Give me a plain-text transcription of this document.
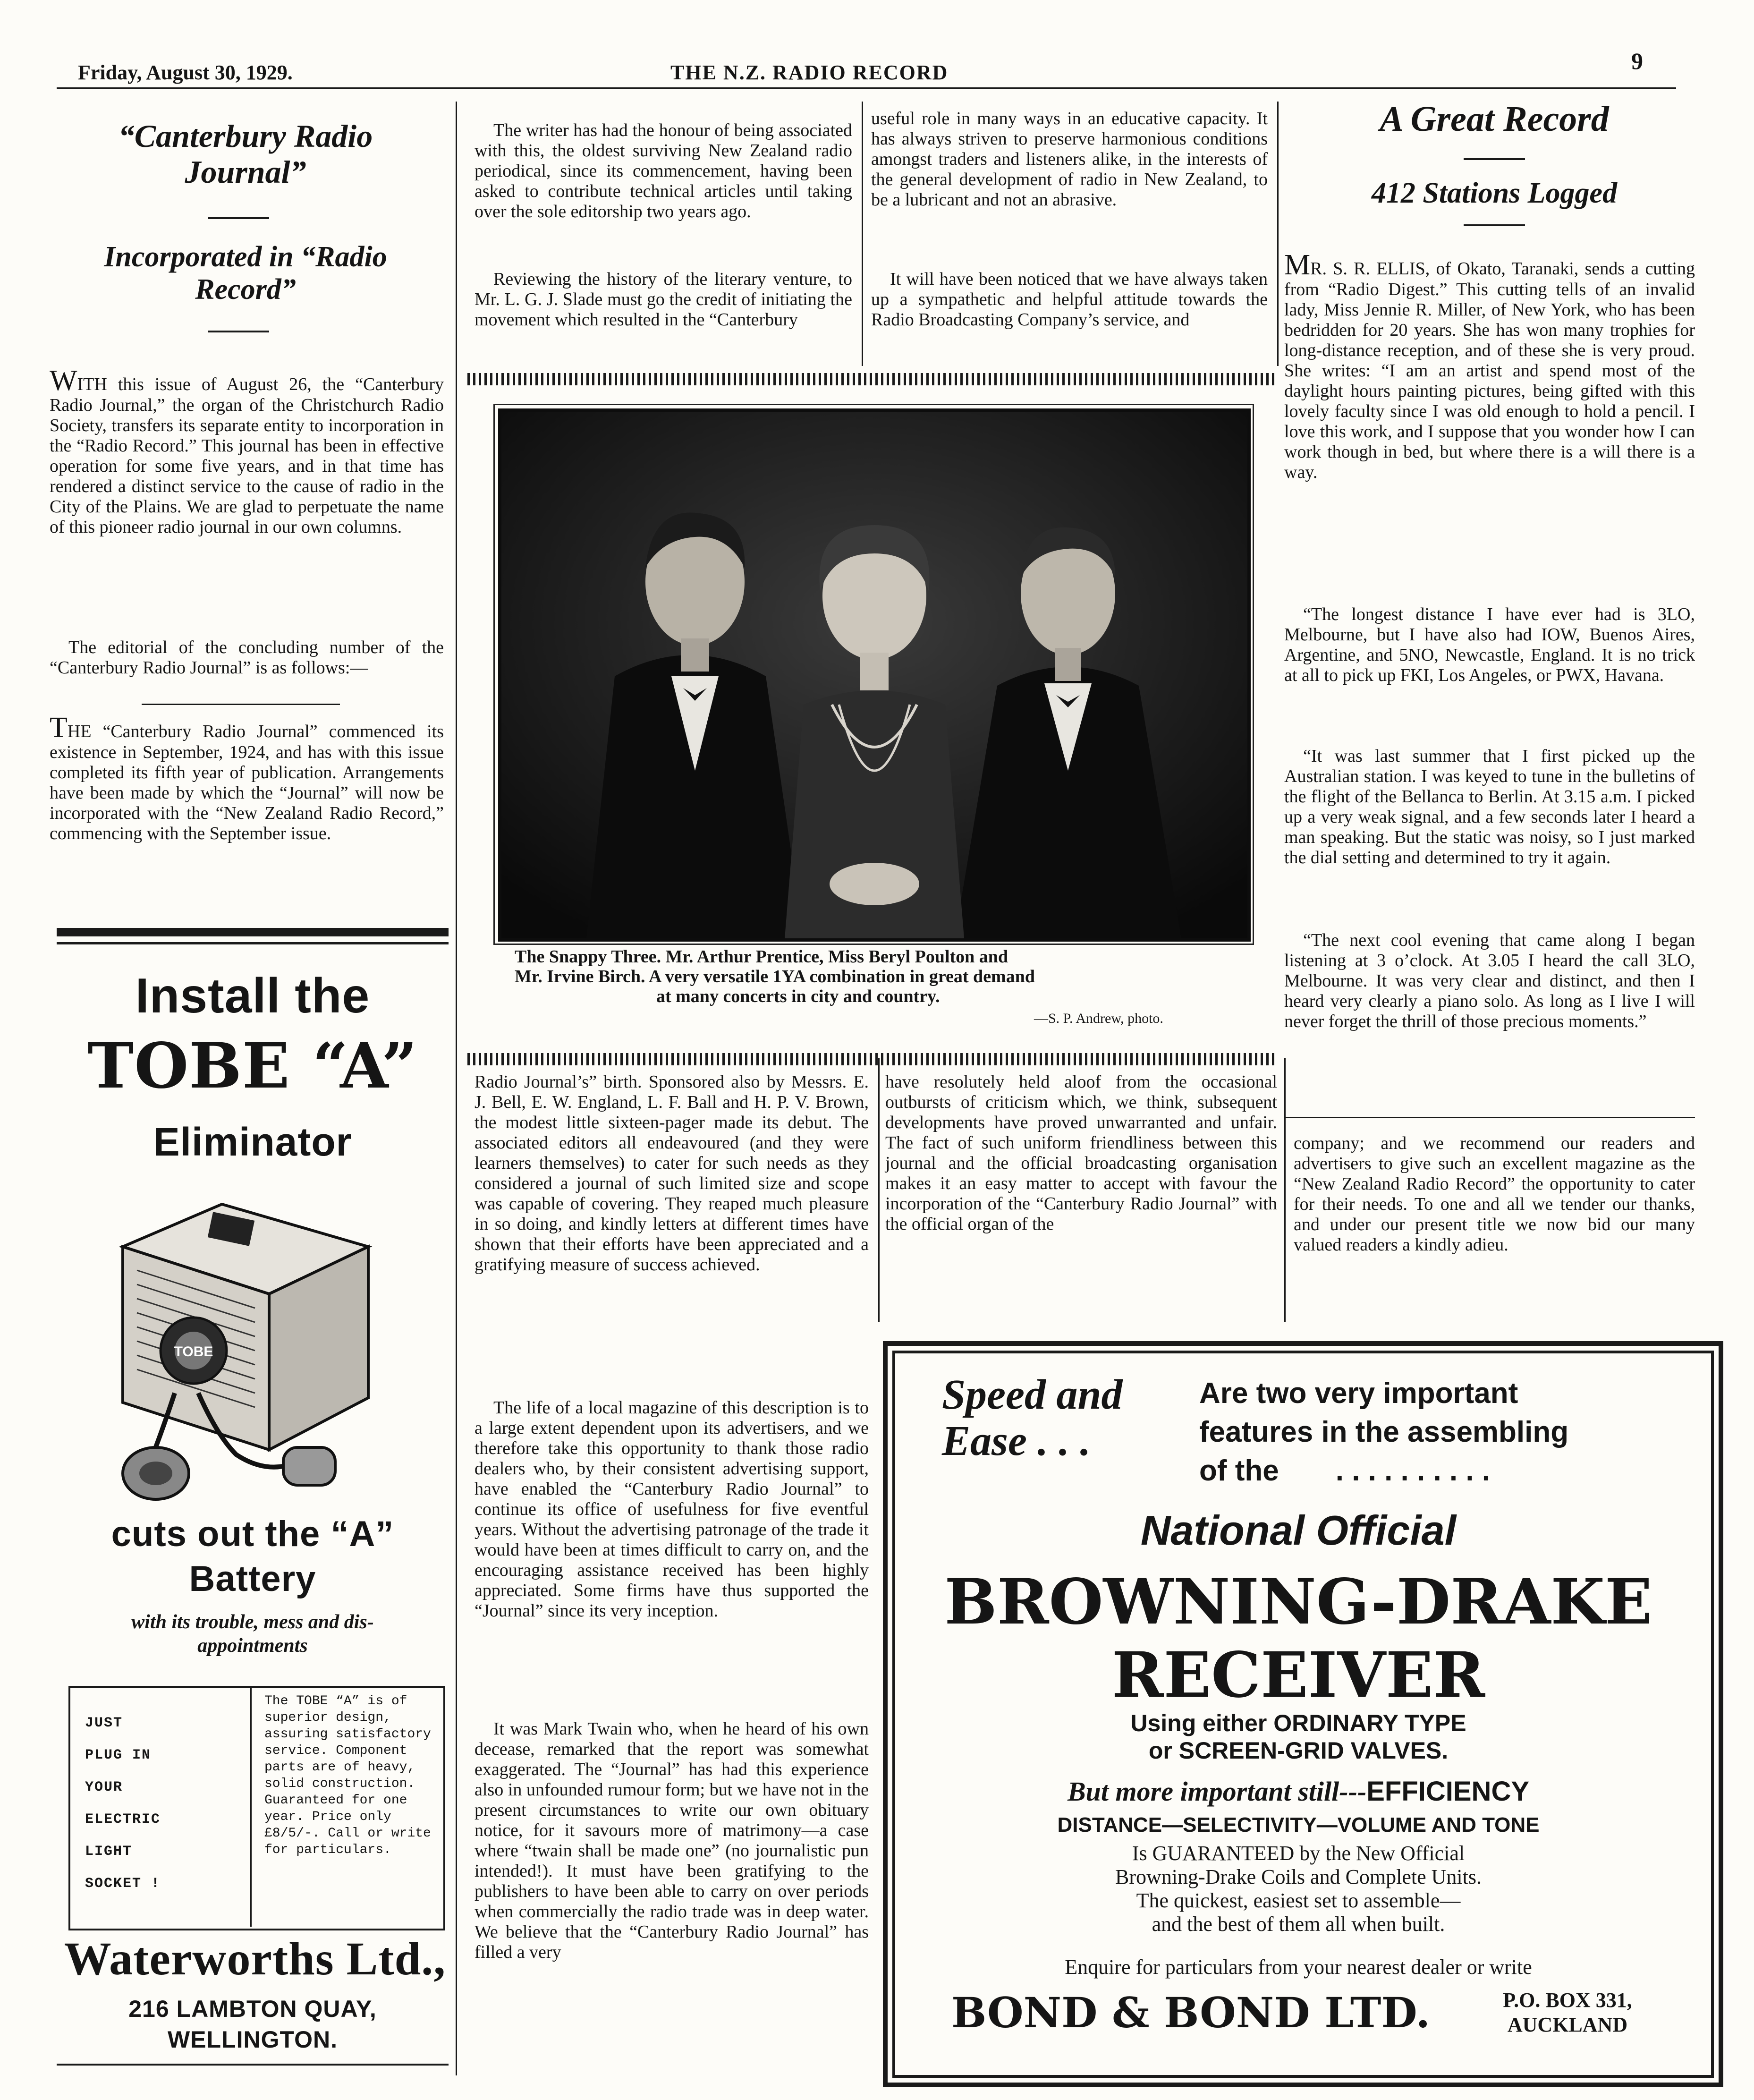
Friday, August 30, 1929.	THE N.Z. RADIO RECORD	9
“Canterbury Radio
Journal”
Incorporated in “Radio
Record”

WITH this issue of August 26, the “Canterbury Radio Journal,” the organ of the Christchurch Radio Society, transfers its separate entity to incorporation in the “Radio Record.” This journal has been in effective operation for some five years, and in that time has rendered a distinct service to the cause of radio in the City of the Plains. We are glad to perpetuate the name of this pioneer radio journal in our own columns.

The editorial of the concluding number of the “Canterbury Radio Journal” is as follows:—

THE “Canterbury Radio Journal” commenced its existence in September, 1924, and has with this issue completed its fifth year of publication. Arrangements have been made by which the “Journal” will now be incorporated with the “New Zealand Radio Record,” commencing with the September issue.

The writer has had the honour of being associated with this, the oldest surviving New Zealand radio periodical, since its commencement, having been asked to contribute technical articles until taking over the sole editorship two years ago.

Reviewing the history of the literary venture, to Mr. L. G. J. Slade must go the credit of initiating the movement which resulted in the “Canterbury

useful role in many ways in an educative capacity. It has always striven to preserve harmonious conditions amongst traders and listeners alike, in the interests of the general development of radio in New Zealand, to be a lubricant and not an abrasive.

It will have been noticed that we have always taken up a sympathetic and helpful attitude towards the Radio Broadcasting Company’s service, and

The Snappy Three. Mr. Arthur Prentice, Miss Beryl Poulton and
Mr. Irvine Birch. A very versatile 1YA combination in great demand
at many concerts in city and country.
—S. P. Andrew, photo.

Radio Journal’s” birth. Sponsored also by Messrs. E. J. Bell, E. W. England, L. F. Ball and H. P. V. Brown, the modest little sixteen-pager made its debut. The associated editors all endeavoured (and they were learners themselves) to cater for such needs as they considered a journal of such limited size and scope was capable of covering. They reaped much pleasure in so doing, and kindly letters at different times have shown that their efforts have been appreciated and a gratifying measure of success achieved.

The life of a local magazine of this description is to a large extent dependent upon its advertisers, and we therefore take this opportunity to thank those radio dealers who, by their consistent advertising support, have enabled the “Canterbury Radio Journal” to continue its office of usefulness for five eventful years. Without the advertising patronage of the trade it would have been at times difficult to carry on, and the encouraging assistance received has been highly appreciated. Some firms have thus supported the “Journal” since its very inception.

It was Mark Twain who, when he heard of his own decease, remarked that the report was somewhat exaggerated. The “Journal” has had this experience also in unfounded rumour form; but we have not in the present circumstances to write our own obituary notice, for it savours more of matrimony—a case where “twain shall be made one” (no journalistic pun intended!). It must have been gratifying to the publishers to have been able to carry on over periods when commercially the radio trade was in deep water. We believe that the “Canterbury Radio Journal” has filled a very

have resolutely held aloof from the occasional outbursts of criticism which, we think, subsequent developments have proved unwarranted and unfair. The fact of such uniform friendliness between this journal and the official broadcasting organisation makes it an easy matter to accept with favour the incorporation of the “Canterbury Radio Journal” with the official organ of the

company; and we recommend our readers and advertisers to give such an excellent magazine as the “New Zealand Radio Record” the opportunity to cater for their needs. To one and all we tender our thanks, and under our present title we now bid our many valued readers a kindly adieu.

A Great Record
412 Stations Logged

MR. S. R. ELLIS, of Okato, Taranaki, sends a cutting from “Radio Digest.” This cutting tells of an invalid lady, Miss Jennie R. Miller, of New York, who has been bedridden for 20 years. She has won many trophies for long-distance reception, and of these she is very proud. She writes: “I am an artist and spend most of the daylight hours painting pictures, being gifted with this lovely faculty since I was old enough to hold a pencil. I love this work, and I suppose that you wonder how I can work though in bed, but where there is a will there is a way.

“The longest distance I have ever had is 3LO, Melbourne, but I have also had IOW, Buenos Aires, Argentine, and 5NO, Newcastle, England. It is no trick at all to pick up FKI, Los Angeles, or PWX, Havana.

“It was last summer that I first picked up the Australian station. I was keyed to tune in the bulletins of the flight of the Bellanca to Berlin. At 3.15 a.m. I picked up a very weak signal, and a few seconds later I heard a man speaking. But the static was noisy, so I just marked the dial setting and determined to try it again.

“The next cool evening that came along I began listening at 3 o’clock. At 3.05 I heard the call 3LO, Melbourne. It was very clear and distinct, and then I heard very clearly a piano solo. As long as I live I will never forget the thrill of those precious moments.”

Install the
TOBE “A”
Eliminator
TOBE
cuts out the “A”
Battery
with its trouble, mess and dis-
appointments
JUST
PLUG IN
YOUR
ELECTRIC
LIGHT
SOCKET !

The TOBE “A” is of superior design, assuring satisfactory service. Component parts are of heavy, solid construction. Guaranteed for one year. Price only £8/5/-. Call or write for particulars.

Waterworths Ltd.,
216 LAMBTON QUAY,
WELLINGTON.
Speed and
Ease . . .
Are two very important
features in the assembling
of the . . . . . . . . . .
National Official
BROWNING-DRAKE
RECEIVER
Using either ORDINARY TYPE
or SCREEN-GRID VALVES.
But more important still---EFFICIENCY
DISTANCE—SELECTIVITY—VOLUME AND TONE
Is GUARANTEED by the New Official
Browning-Drake Coils and Complete Units.
The quickest, easiest set to assemble—
and the best of them all when built.
Enquire for particulars from your nearest dealer or write
BOND & BOND LTD.	P.O. BOX 331,
AUCKLAND
